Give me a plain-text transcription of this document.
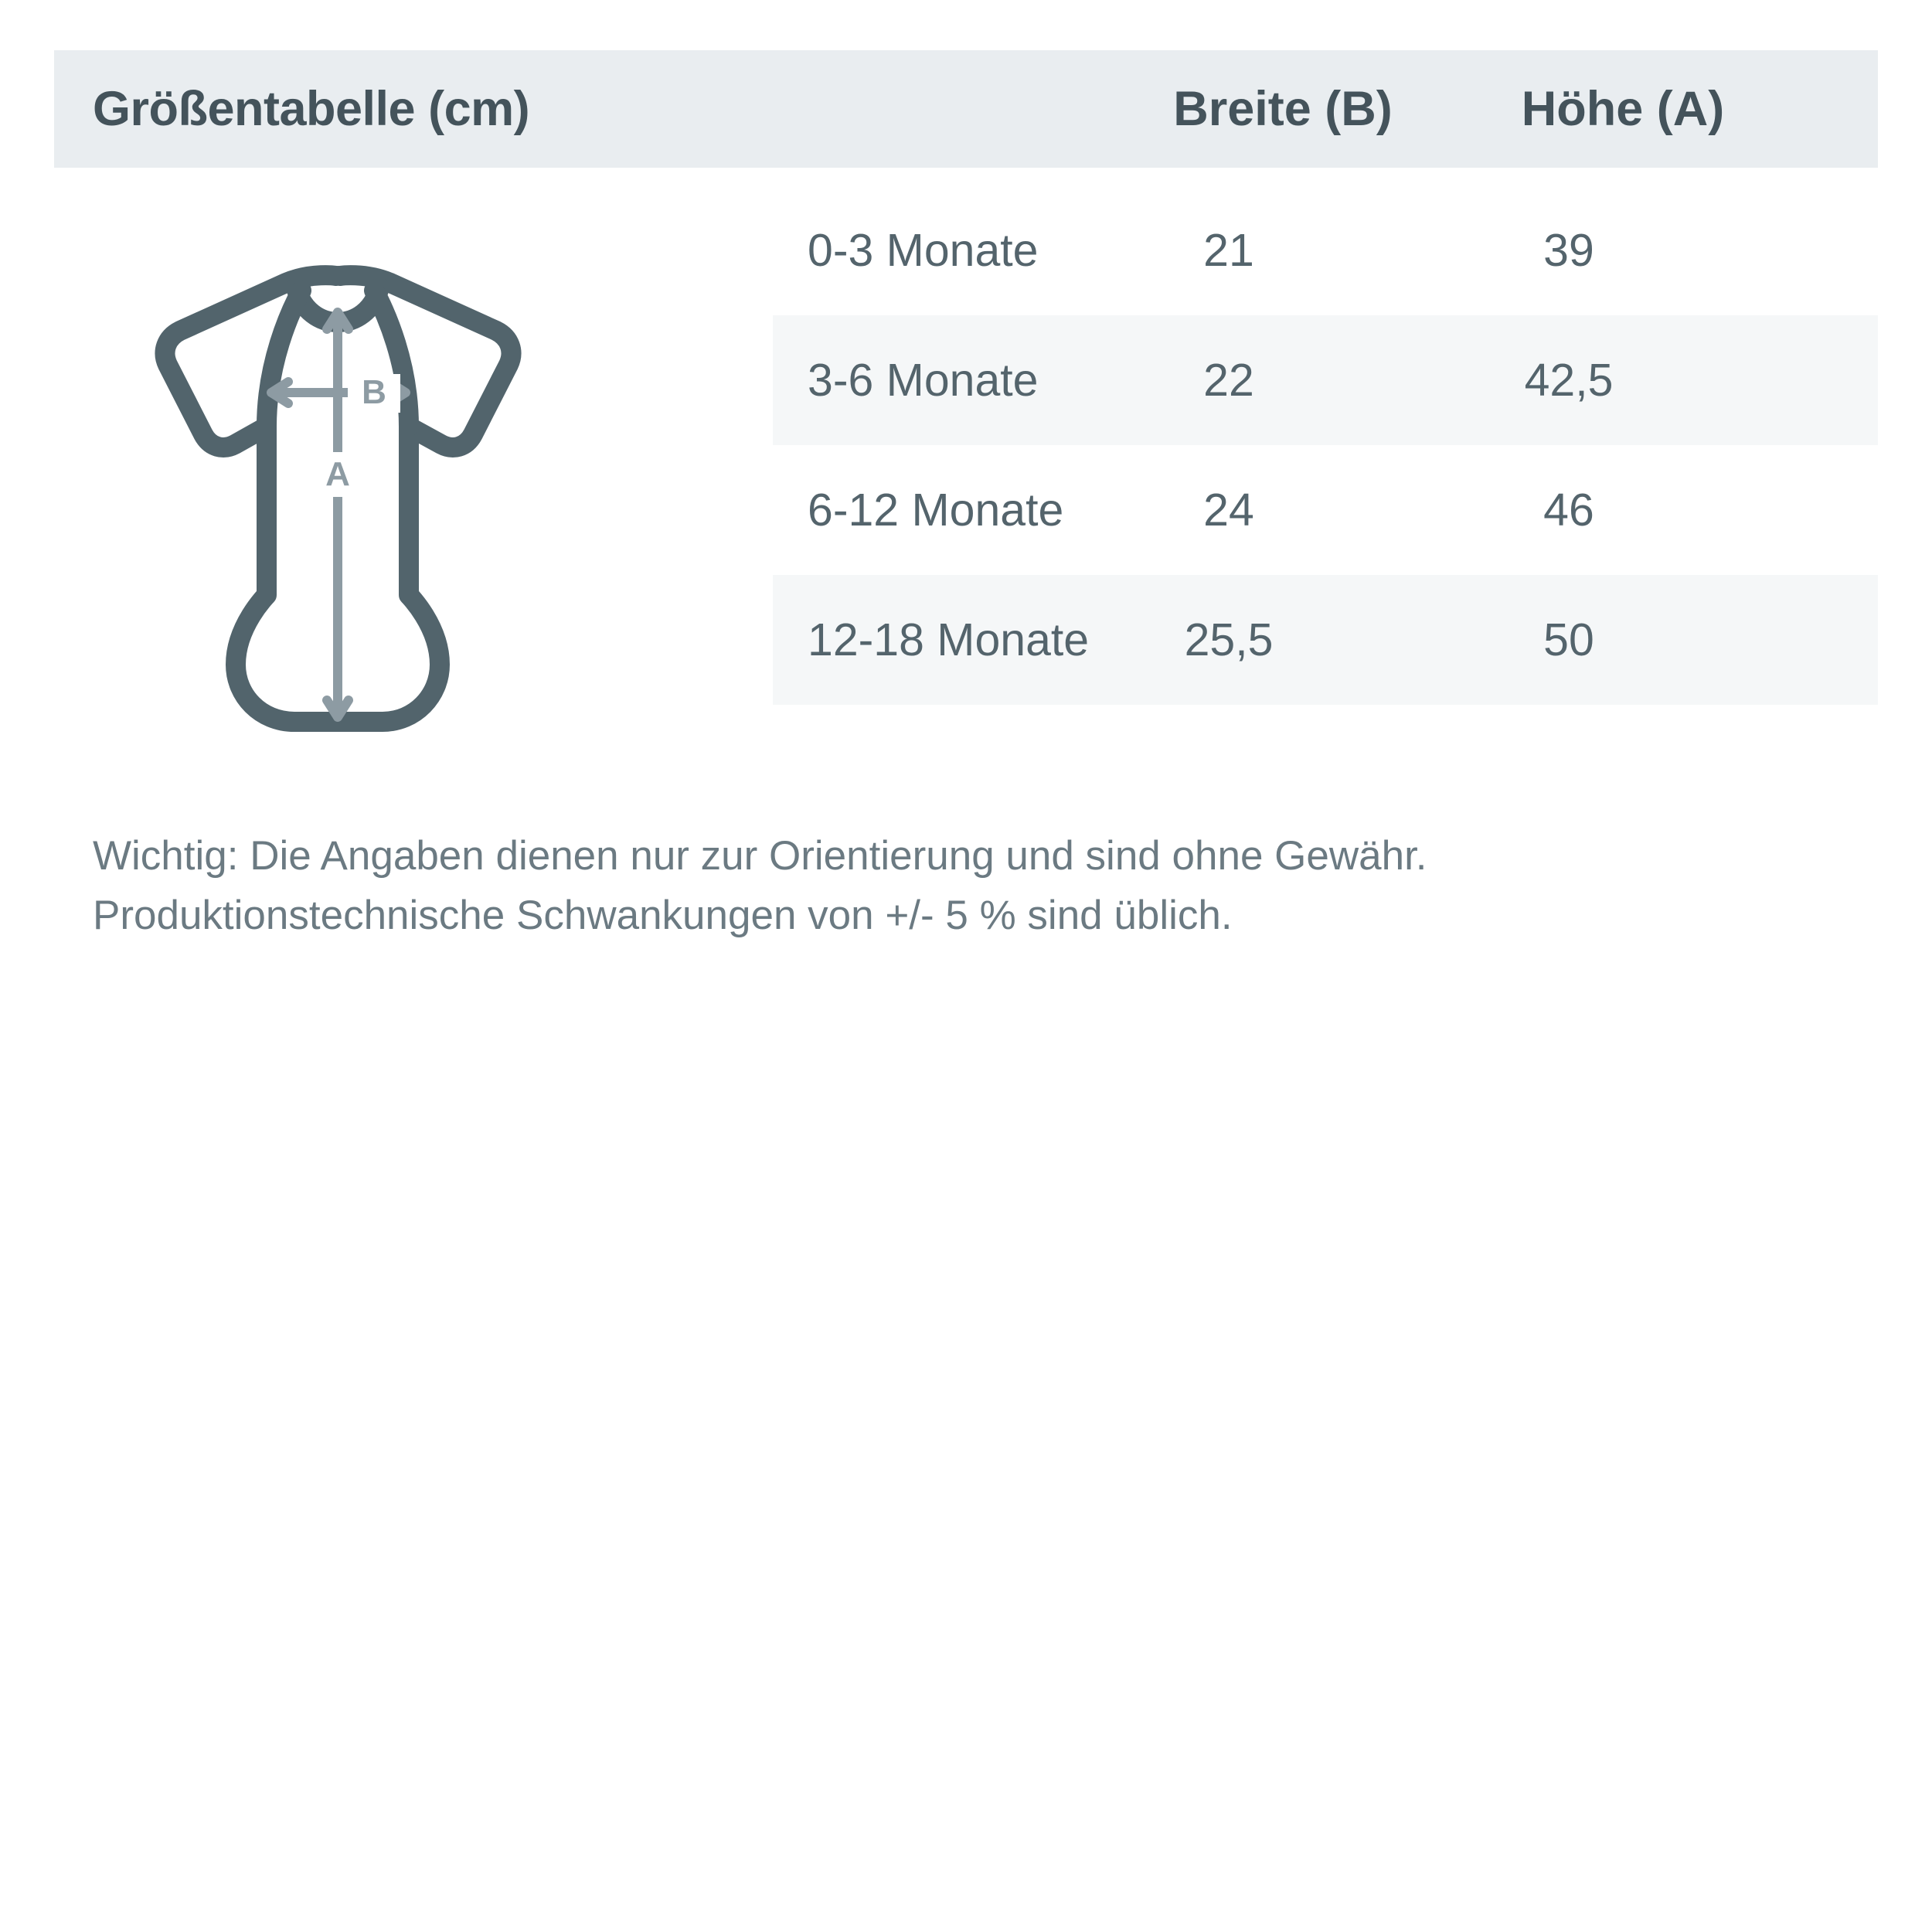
Größentabelle (cm)	Breite (B)	Höhe (A)
B
A
0-3 Monate	21	39
3-6 Monate	22	42,5
6-12 Monate	24	46
12-18 Monate	25,5	50
Wichtig: Die Angaben dienen nur zur Orientierung und sind ohne Gewähr.
Produktionstechnische Schwankungen von +/- 5 % sind üblich.
